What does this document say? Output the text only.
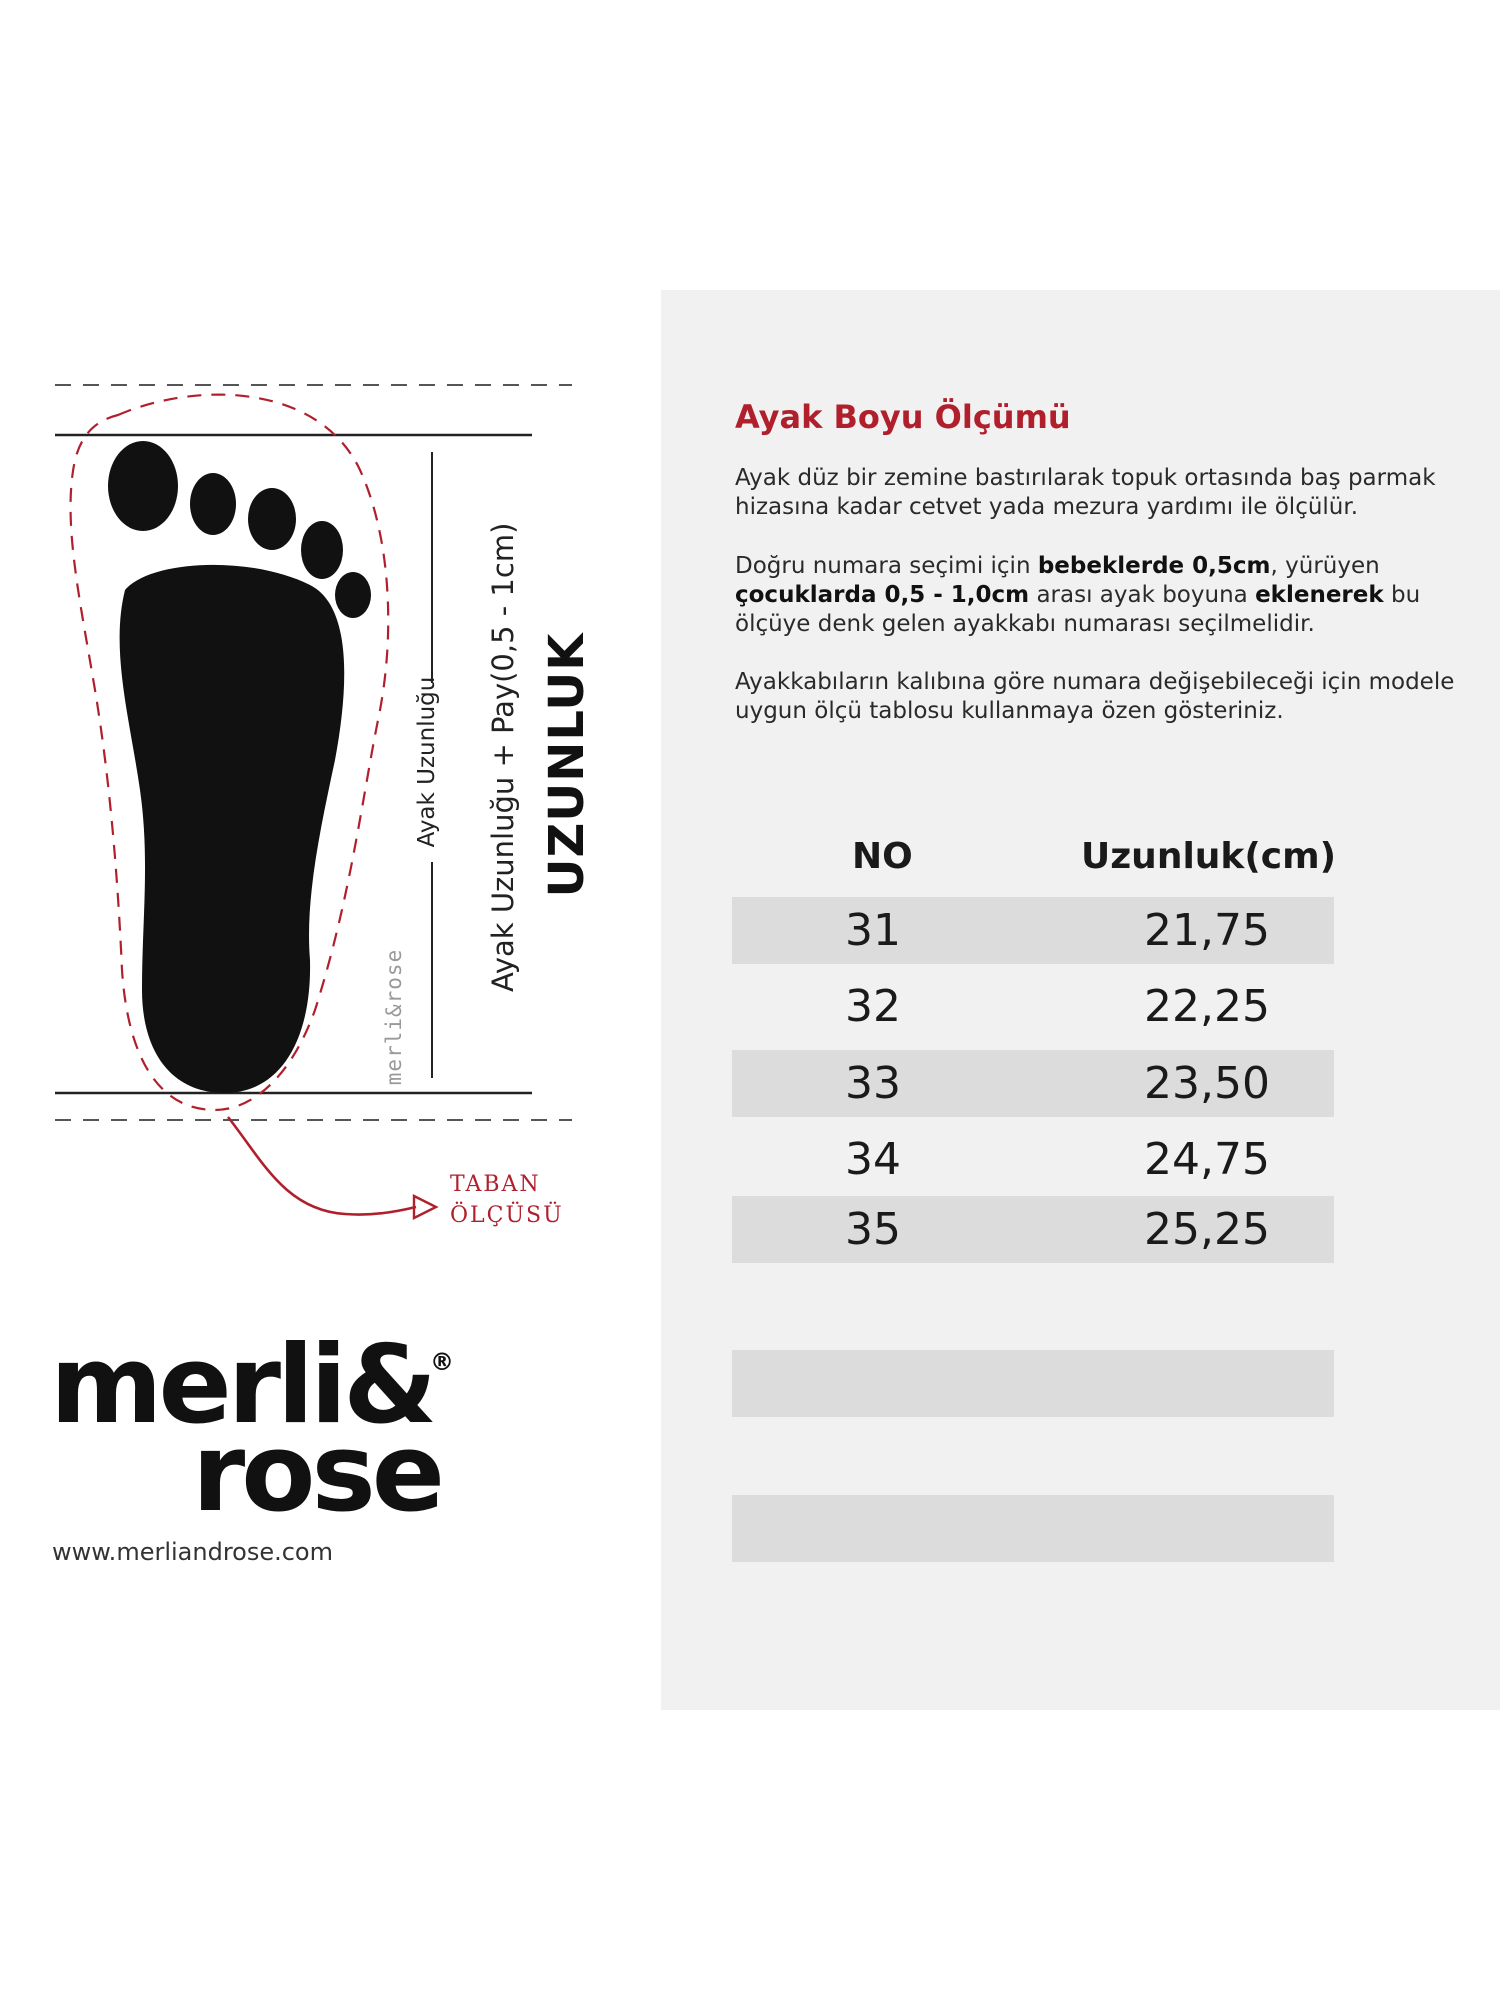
Ayak Boyu Ölçümü

Ayak düz bir zemine bastırılarak topuk ortasında baş parmak hizasına kadar cetvet yada mezura yardımı ile ölçülür.

Doğru numara seçimi için bebeklerde 0,5cm, yürüyen çocuklarda 0,5 - 1,0cm arası ayak boyuna eklenerek bu ölçüye denk gelen ayakkabı numarası seçilmelidir.

Ayakkabıların kalıbına göre numara değişebileceği için modele uygun ölçü tablosu kullanmaya özen gösteriniz.

NO	Uzunluk(cm)
31	21,75
32	22,25
33	23,50
34	24,75
35	25,25
merli&rose
Ayak Uzunluğu Ayak Uzunluğu + Pay(0,5 - 1cm) UZUNLUK
TABAN
ÖLÇÜSÜ
merli&
®
rose
www.merliandrose.com
